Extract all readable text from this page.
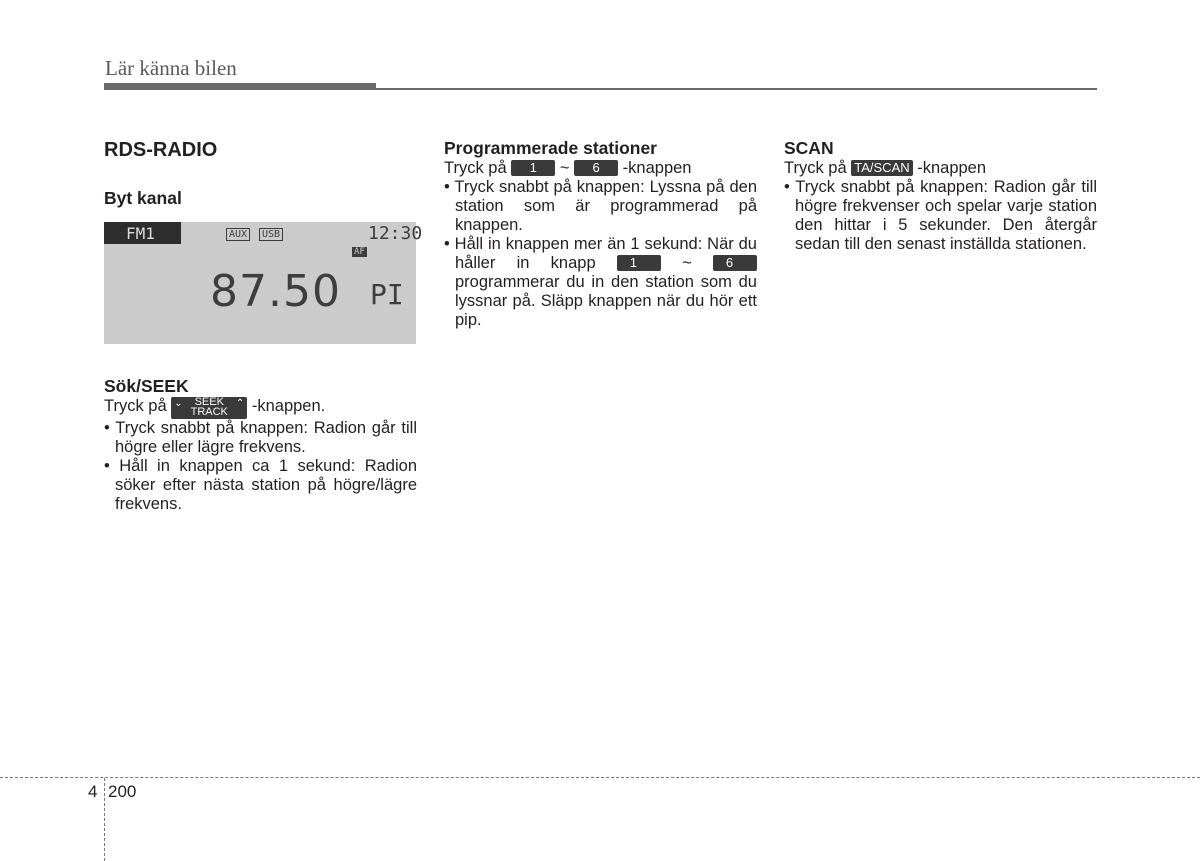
Lär känna bilen
RDS-RADIO
Byt kanal
FM1	AUX	USB	12:30
AF
87.50 PI
Sök/SEEK

Tryck på ⌄	SEEK
TRACK
⌃ -knappen.

• Tryck snabbt på knappen: Radion går till högre eller lägre frekvens.

• Håll in knappen ca 1 sekund: Radion söker efter nästa station på högre/lägre frekvens.

Programmerade stationer

Tryck på 1 ~ 6 -knappen

• Tryck snabbt på knappen: Lyssna på den station som är programmerad på knappen.

• Håll in knappen mer än 1 sekund: När du håller in knapp	1	~	6 programmerar du in den station som du lyssnar på. Släpp knappen när du hör ett pip.

SCAN

Tryck på TA/SCAN -knappen

• Tryck snabbt på knappen: Radion går till högre frekvenser och spelar varje station den hittar i 5 sekunder. Den återgår sedan till den senast inställda stationen.

4 200
